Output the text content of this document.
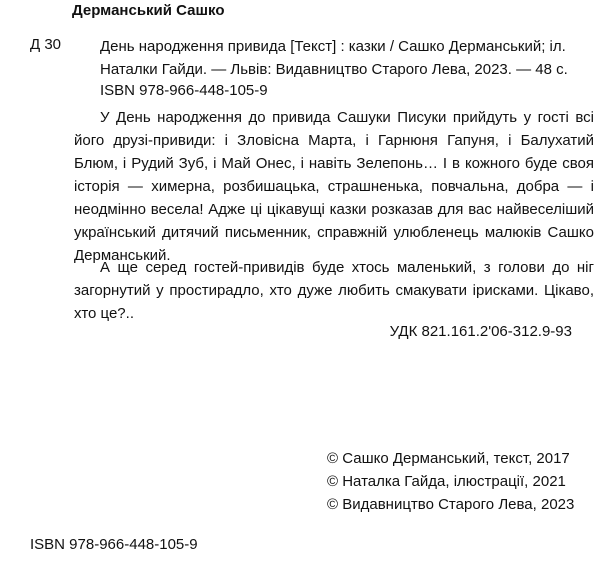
Дерманський Сашко
Д 30	День народження привида [Текст] : казки / Сашко Дерманський; іл. Наталки Гайди. — Львів: Видавництво Старого Лева, 2023. — 48 с.

ISBN 978-966-448-105-9

У День народження до привида Сашуки Писуки прийдуть у гості всі його друзі-привиди: і Зловісна Марта, і Гарнюня Гапуня, і Балухатий Блюм, і Рудий Зуб, і Май Онес, і навіть Зелепонь… І в кожного буде своя історія — химерна, розбишацька, страшненька, повчальна, добра — і неодмінно весела! Адже ці цікавущі казки розказав для вас найвеселіший український дитячий письменник, справжній улюбленець малюків Сашко Дерманський.

А ще серед гостей-привидів буде хтось маленький, з голови до ніг загорнутий у простирадло, хто дуже любить смакувати ірисками. Цікаво, хто це?..

УДК 821.161.2'06-312.9-93
© Сашко Дерманський, текст, 2017
© Наталка Гайда, ілюстрації, 2021
© Видавництво Старого Лева, 2023
ISBN 978-966-448-105-9
